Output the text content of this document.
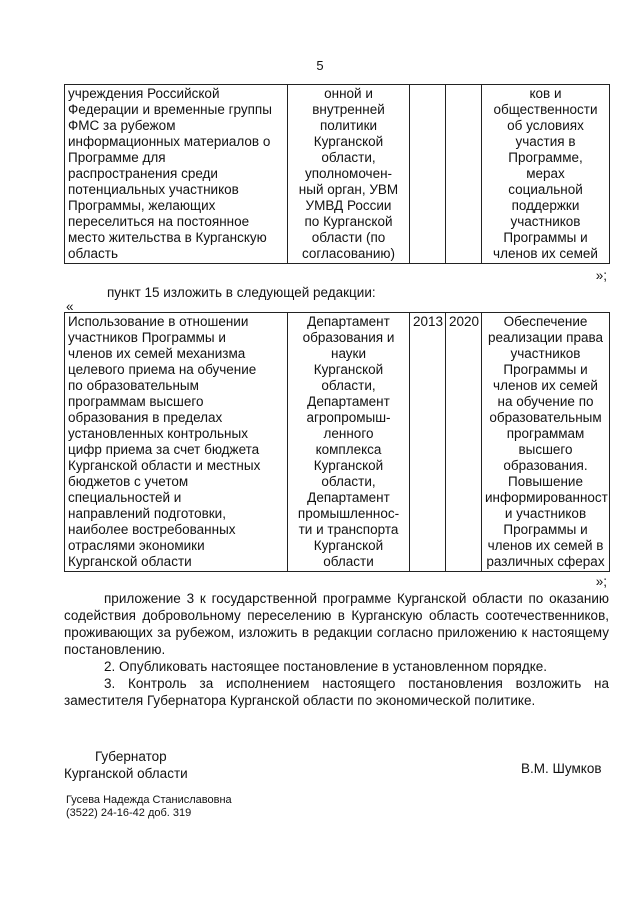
5
учреждения Российской
Федерации и временные группы
ФМС за рубежом
информационных материалов о
Программе для
распространения среди
потенциальных участников
Программы, желающих
переселиться на постоянное
место жительства в Курганскую
область	онной и
внутренней
политики
Курганской
области,
уполномочен-
ный орган, УВМ
УМВД России
по Курганской
области (по
согласованию)			ков и
общественности
об условиях
участия в
Программе,
мерах
социальной
поддержки
участников
Программы и
членов их семей
»;
пункт 15 изложить в следующей редакции:
«
Использование в отношении
участников Программы и
членов их семей механизма
целевого приема на обучение
по образовательным
программам высшего
образования в пределах
установленных контрольных
цифр приема за счет бюджета
Курганской области и местных
бюджетов с учетом
специальностей и
направлений подготовки,
наиболее востребованных
отраслями экономики
Курганской области	Департамент
образования и
науки
Курганской
области,
Департамент
агропромыш-
ленного
комплекса
Курганской
области,
Департамент
промышленнос-
ти и транспорта
Курганской
области	2013	2020	Обеспечение
реализации права
участников
Программы и
членов их семей
на обучение по
образовательным
программам
высшего
образования.
Повышение
информированност
и участников
Программы и
членов их семей в
различных сферах
»;
приложение 3 к государственной программе Курганской области по оказанию содействия добровольному переселению в Курганскую область соотечественников, проживающих за рубежом, изложить в редакции согласно приложению к настоящему постановлению.
2. Опубликовать настоящее постановление в установленном порядке.
3. Контроль за исполнением настоящего постановления возложить на заместителя Губернатора Курганской области по экономической политике.
Губернатор
Курганской области	В.М. Шумков
Гусева Надежда Станиславовна
(3522) 24-16-42 доб. 319
